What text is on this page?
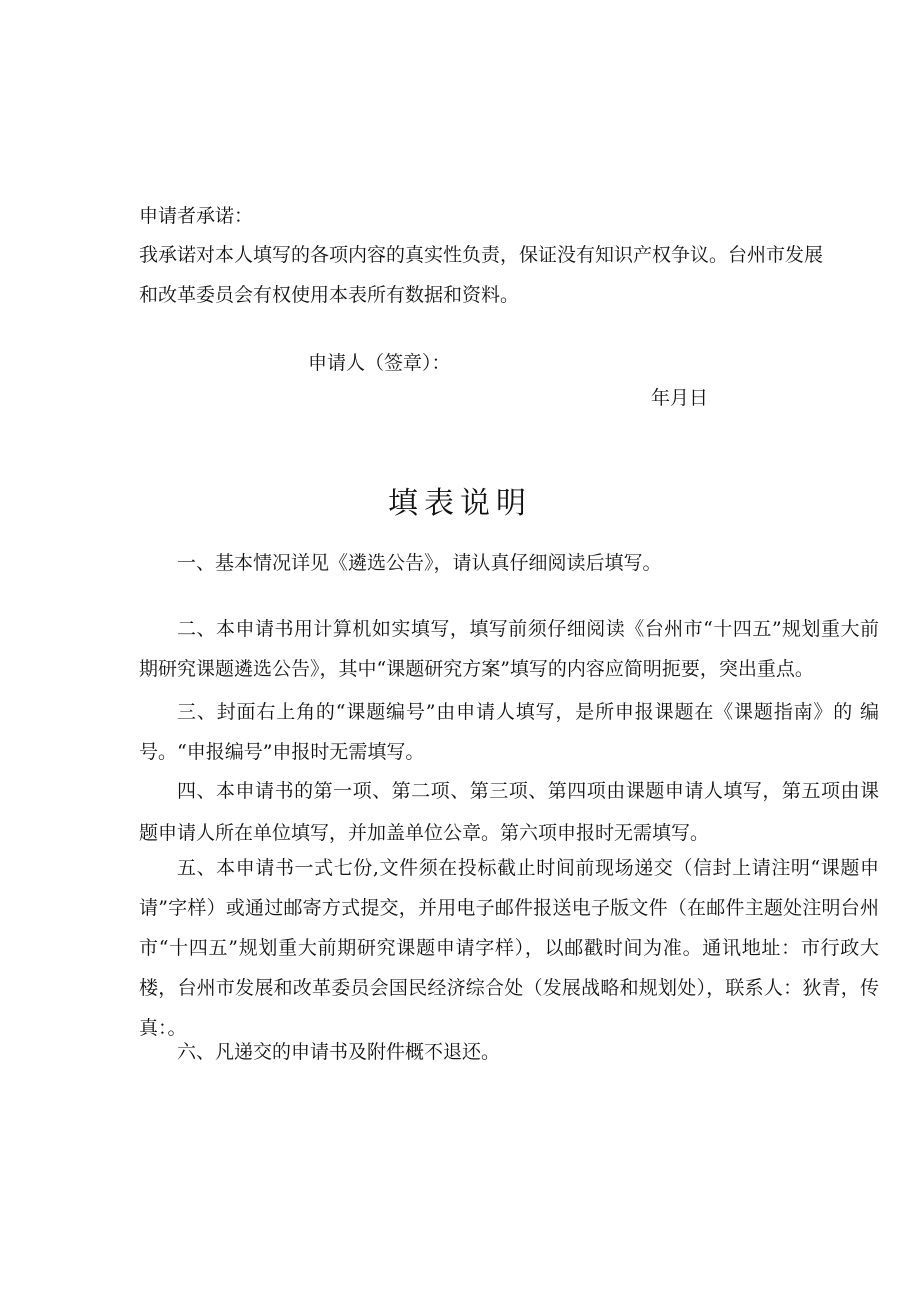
申请者承诺：
我承诺对本人填写的各项内容的真实性负责，保证没有知识产权争议。台州市发展
和改革委员会有权使用本表所有数据和资料。
申请人（签章）：
年月日
填表说明
一、基本情况详见《遴选公告》，请认真仔细阅读后填写。
二、本申请书用计算机如实填写，填写前须仔细阅读《台州市“十四五”规划重大前期研究课题遴选公告》，其中“课题研究方案”填写的内容应简明扼要，突出重点。
三、封面右上角的“课题编号”由申请人填写，是所申报课题在《课题指南》的 编号。“申报编号”申报时无需填写。
四、本申请书的第一项、第二项、第三项、第四项由课题申请人填写，第五项由课题申请人所在单位填写，并加盖单位公章。第六项申报时无需填写。
五、本申请书一式七份,文件须在投标截止时间前现场递交（信封上请注明“课题申请”字样）或通过邮寄方式提交，并用电子邮件报送电子版文件（在邮件主题处注明台州市“十四五”规划重大前期研究课题申请字样），以邮戳时间为准。通讯地址：市行政大楼，台州市发展和改革委员会国民经济综合处（发展战略和规划处），联系人：狄青，传真：。
六、凡递交的申请书及附件概不退还。
